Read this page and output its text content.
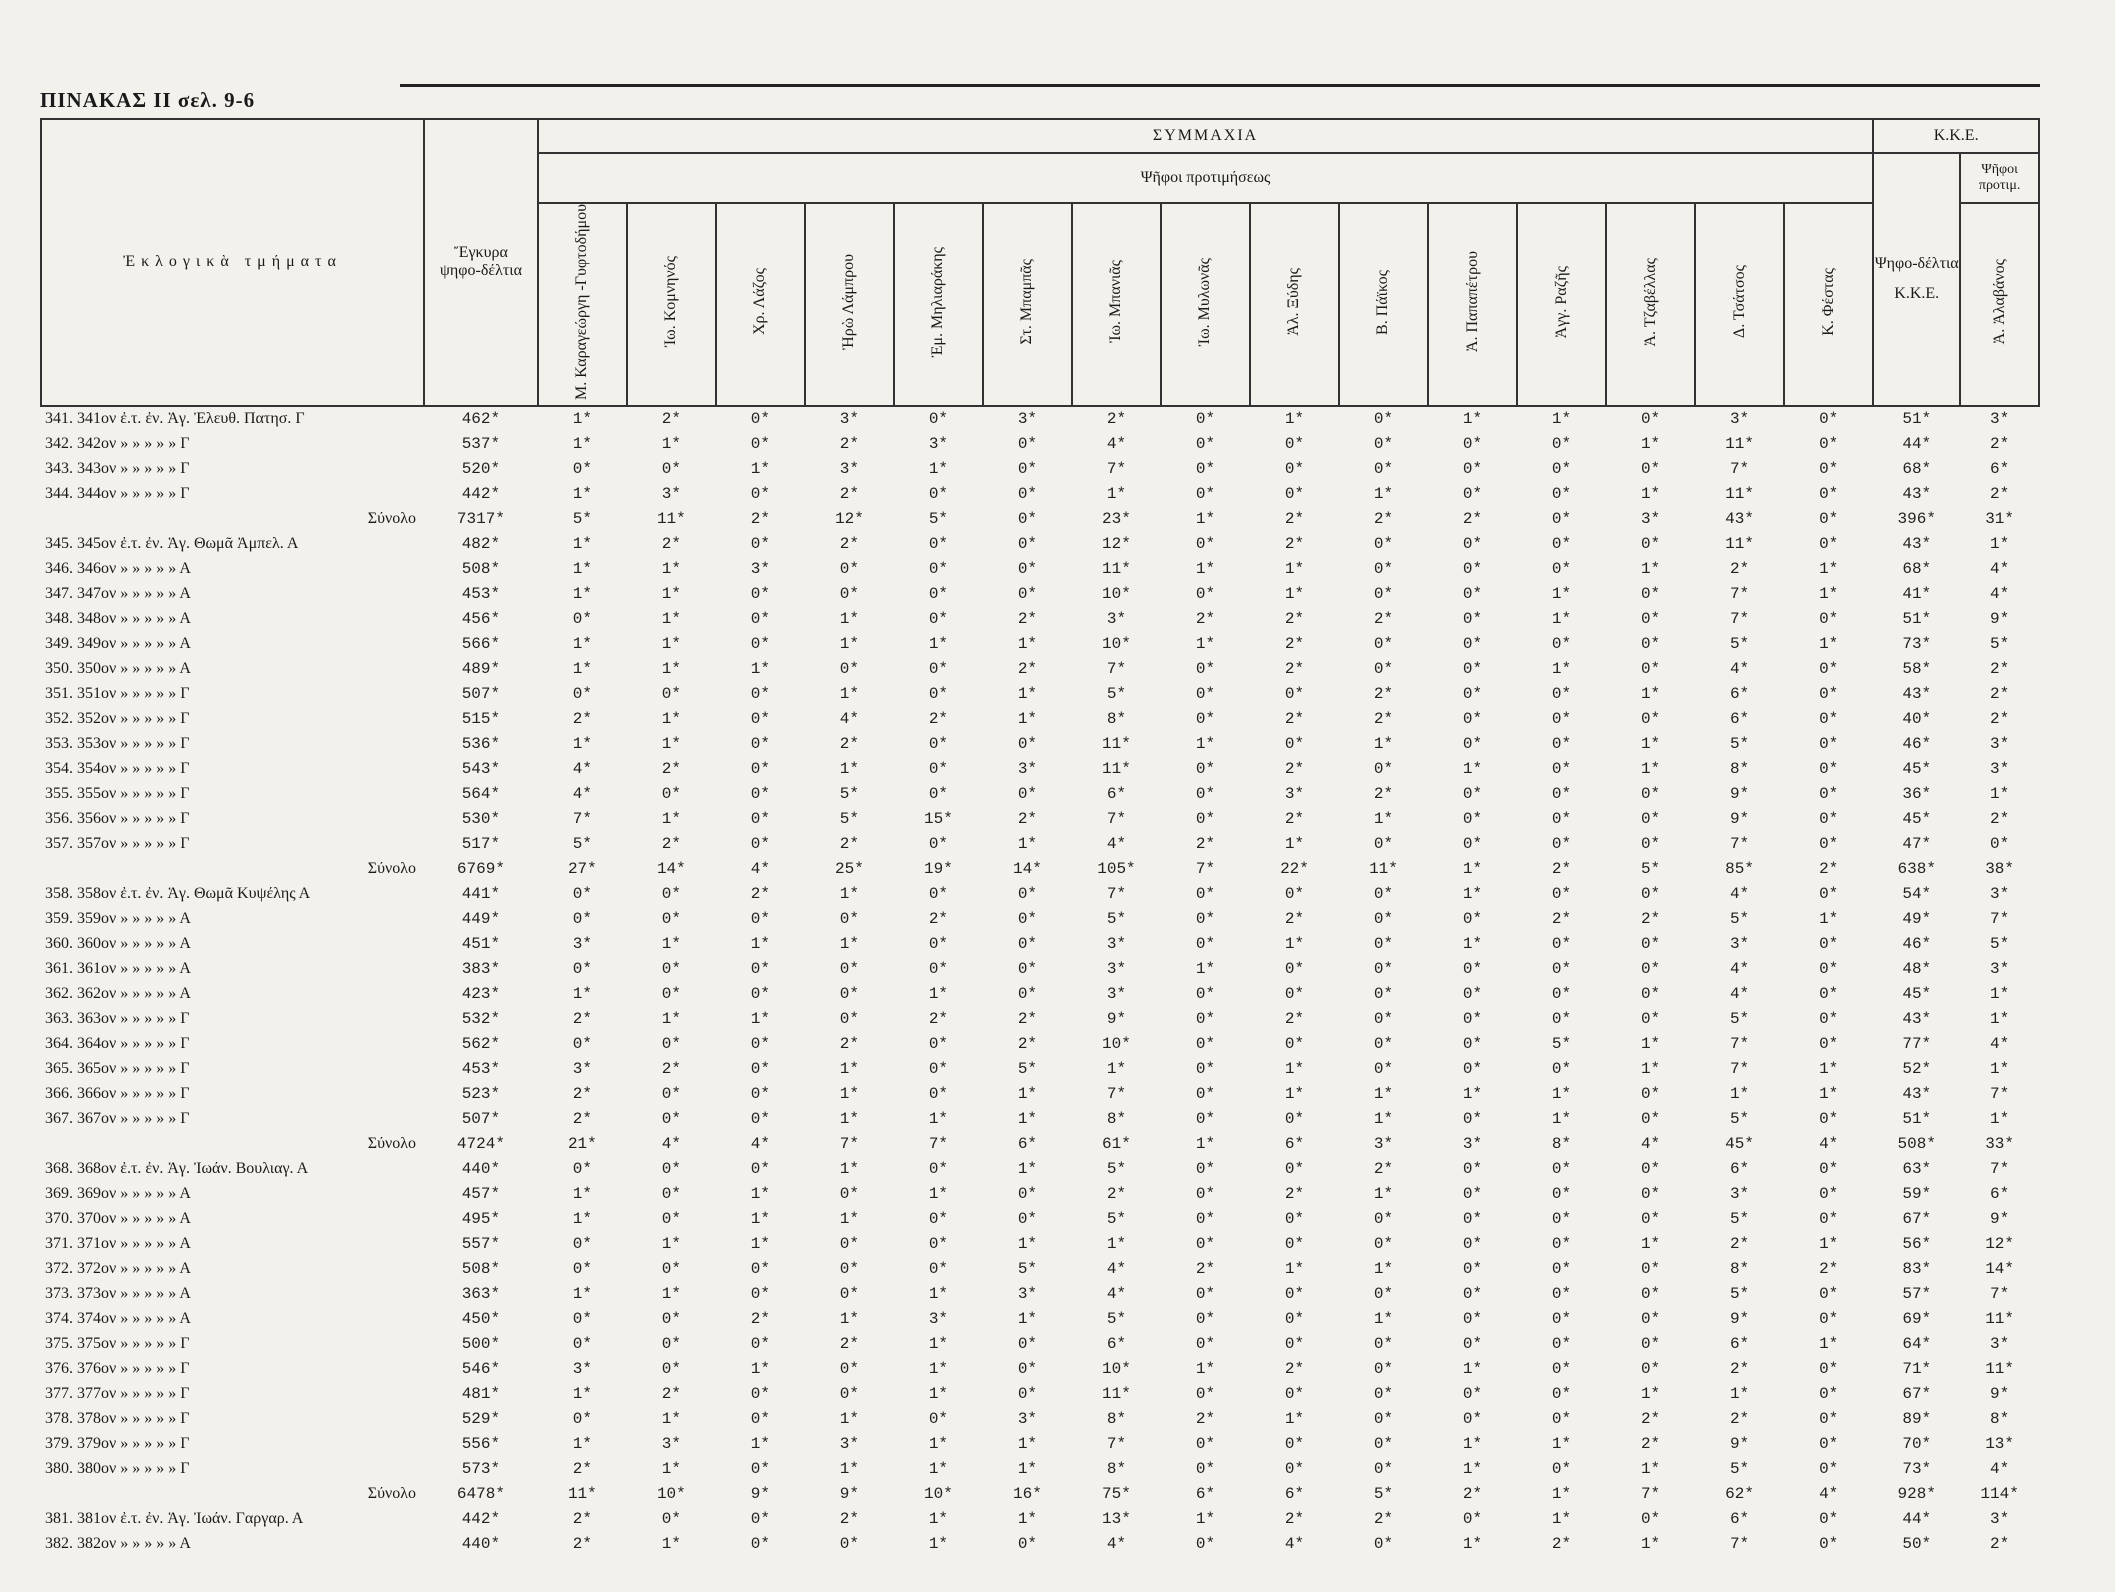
ΠΙΝΑΚΑΣ ΙΙ σελ. 9-6
Ἐκλογικὰ τμήματα	Ἔγκυρα ψηφο-δέλτια	ΣΥΜΜΑΧΙΑ															Κ.Κ.Ε.	
		Ψῆφοι προτιμήσεως															Ψηφο-δέλτια Κ.Κ.Ε.	Ψῆφοι προτιμ.
		Μ. Καραγεώργη -Γυφτοδήμου	Ἰω. Κομνηνός	Χρ. Λάζος	Ἠρὼ Λάμπρου	Ἐμ. Μηλιαράκης	Στ. Μπαμπᾶς	Ἰω. Μπανιᾶς	Ἰω. Μυλωνᾶς	Ἀλ. Ξύδης	Β. Πάϊκος	Ἀ. Παπαπέτρου	Ἀγγ. Ραζῆς	Ἀ. Τζαβέλλας	Δ. Τσάτσος	Κ. Φέστας		Ἀ. Ἀλαβάνος
341. 341ον ἐ.τ. ἐν. Ἁγ. Ἐλευθ. Πατησ. Γ	462*	1*	2*	0*	3*	0*	3*	2*	0*	1*	0*	1*	1*	0*	3*	0*	51*	3*
342. 342ον » » » » » Γ	537*	1*	1*	0*	2*	3*	0*	4*	0*	0*	0*	0*	0*	1*	11*	0*	44*	2*
343. 343ον » » » » » Γ	520*	0*	0*	1*	3*	1*	0*	7*	0*	0*	0*	0*	0*	0*	7*	0*	68*	6*
344. 344ον » » » » » Γ	442*	1*	3*	0*	2*	0*	0*	1*	0*	0*	1*	0*	0*	1*	11*	0*	43*	2*
Σύνολο	7317*	5*	11*	2*	12*	5*	0*	23*	1*	2*	2*	2*	0*	3*	43*	0*	396*	31*
345. 345ον ἐ.τ. ἐν. Ἁγ. Θωμᾶ Ἀμπελ. Α	482*	1*	2*	0*	2*	0*	0*	12*	0*	2*	0*	0*	0*	0*	11*	0*	43*	1*
346. 346ον » » » » » Α	508*	1*	1*	3*	0*	0*	0*	11*	1*	1*	0*	0*	0*	1*	2*	1*	68*	4*
347. 347ον » » » » » Α	453*	1*	1*	0*	0*	0*	0*	10*	0*	1*	0*	0*	1*	0*	7*	1*	41*	4*
348. 348ον » » » » » Α	456*	0*	1*	0*	1*	0*	2*	3*	2*	2*	2*	0*	1*	0*	7*	0*	51*	9*
349. 349ον » » » » » Α	566*	1*	1*	0*	1*	1*	1*	10*	1*	2*	0*	0*	0*	0*	5*	1*	73*	5*
350. 350ον » » » » » Α	489*	1*	1*	1*	0*	0*	2*	7*	0*	2*	0*	0*	1*	0*	4*	0*	58*	2*
351. 351ον » » » » » Γ	507*	0*	0*	0*	1*	0*	1*	5*	0*	0*	2*	0*	0*	1*	6*	0*	43*	2*
352. 352ον » » » » » Γ	515*	2*	1*	0*	4*	2*	1*	8*	0*	2*	2*	0*	0*	0*	6*	0*	40*	2*
353. 353ον » » » » » Γ	536*	1*	1*	0*	2*	0*	0*	11*	1*	0*	1*	0*	0*	1*	5*	0*	46*	3*
354. 354ον » » » » » Γ	543*	4*	2*	0*	1*	0*	3*	11*	0*	2*	0*	1*	0*	1*	8*	0*	45*	3*
355. 355ον » » » » » Γ	564*	4*	0*	0*	5*	0*	0*	6*	0*	3*	2*	0*	0*	0*	9*	0*	36*	1*
356. 356ον » » » » » Γ	530*	7*	1*	0*	5*	15*	2*	7*	0*	2*	1*	0*	0*	0*	9*	0*	45*	2*
357. 357ον » » » » » Γ	517*	5*	2*	0*	2*	0*	1*	4*	2*	1*	0*	0*	0*	0*	7*	0*	47*	0*
Σύνολο	6769*	27*	14*	4*	25*	19*	14*	105*	7*	22*	11*	1*	2*	5*	85*	2*	638*	38*
358. 358ον ἐ.τ. ἐν. Ἁγ. Θωμᾶ Κυψέλης Α	441*	0*	0*	2*	1*	0*	0*	7*	0*	0*	0*	1*	0*	0*	4*	0*	54*	3*
359. 359ον » » » » » Α	449*	0*	0*	0*	0*	2*	0*	5*	0*	2*	0*	0*	2*	2*	5*	1*	49*	7*
360. 360ον » » » » » Α	451*	3*	1*	1*	1*	0*	0*	3*	0*	1*	0*	1*	0*	0*	3*	0*	46*	5*
361. 361ον » » » » » Α	383*	0*	0*	0*	0*	0*	0*	3*	1*	0*	0*	0*	0*	0*	4*	0*	48*	3*
362. 362ον » » » » » Α	423*	1*	0*	0*	0*	1*	0*	3*	0*	0*	0*	0*	0*	0*	4*	0*	45*	1*
363. 363ον » » » » » Γ	532*	2*	1*	1*	0*	2*	2*	9*	0*	2*	0*	0*	0*	0*	5*	0*	43*	1*
364. 364ον » » » » » Γ	562*	0*	0*	0*	2*	0*	2*	10*	0*	0*	0*	0*	5*	1*	7*	0*	77*	4*
365. 365ον » » » » » Γ	453*	3*	2*	0*	1*	0*	5*	1*	0*	1*	0*	0*	0*	1*	7*	1*	52*	1*
366. 366ον » » » » » Γ	523*	2*	0*	0*	1*	0*	1*	7*	0*	1*	1*	1*	1*	0*	1*	1*	43*	7*
367. 367ον » » » » » Γ	507*	2*	0*	0*	1*	1*	1*	8*	0*	0*	1*	0*	1*	0*	5*	0*	51*	1*
Σύνολο	4724*	21*	4*	4*	7*	7*	6*	61*	1*	6*	3*	3*	8*	4*	45*	4*	508*	33*
368. 368ον ἐ.τ. ἐν. Ἁγ. Ἰωάν. Βουλιαγ. Α	440*	0*	0*	0*	1*	0*	1*	5*	0*	0*	2*	0*	0*	0*	6*	0*	63*	7*
369. 369ον » » » » » Α	457*	1*	0*	1*	0*	1*	0*	2*	0*	2*	1*	0*	0*	0*	3*	0*	59*	6*
370. 370ον » » » » » Α	495*	1*	0*	1*	1*	0*	0*	5*	0*	0*	0*	0*	0*	0*	5*	0*	67*	9*
371. 371ον » » » » » Α	557*	0*	1*	1*	0*	0*	1*	1*	0*	0*	0*	0*	0*	1*	2*	1*	56*	12*
372. 372ον » » » » » Α	508*	0*	0*	0*	0*	0*	5*	4*	2*	1*	1*	0*	0*	0*	8*	2*	83*	14*
373. 373ον » » » » » Α	363*	1*	1*	0*	0*	1*	3*	4*	0*	0*	0*	0*	0*	0*	5*	0*	57*	7*
374. 374ον » » » » » Α	450*	0*	0*	2*	1*	3*	1*	5*	0*	0*	1*	0*	0*	0*	9*	0*	69*	11*
375. 375ον » » » » » Γ	500*	0*	0*	0*	2*	1*	0*	6*	0*	0*	0*	0*	0*	0*	6*	1*	64*	3*
376. 376ον » » » » » Γ	546*	3*	0*	1*	0*	1*	0*	10*	1*	2*	0*	1*	0*	0*	2*	0*	71*	11*
377. 377ον » » » » » Γ	481*	1*	2*	0*	0*	1*	0*	11*	0*	0*	0*	0*	0*	1*	1*	0*	67*	9*
378. 378ον » » » » » Γ	529*	0*	1*	0*	1*	0*	3*	8*	2*	1*	0*	0*	0*	2*	2*	0*	89*	8*
379. 379ον » » » » » Γ	556*	1*	3*	1*	3*	1*	1*	7*	0*	0*	0*	1*	1*	2*	9*	0*	70*	13*
380. 380ον » » » » » Γ	573*	2*	1*	0*	1*	1*	1*	8*	0*	0*	0*	1*	0*	1*	5*	0*	73*	4*
Σύνολο	6478*	11*	10*	9*	9*	10*	16*	75*	6*	6*	5*	2*	1*	7*	62*	4*	928*	114*
381. 381ον ἐ.τ. ἐν. Ἁγ. Ἰωάν. Γαργαρ. Α	442*	2*	0*	0*	2*	1*	1*	13*	1*	2*	2*	0*	1*	0*	6*	0*	44*	3*
382. 382ον » » » » » Α	440*	2*	1*	0*	0*	1*	0*	4*	0*	4*	0*	1*	2*	1*	7*	0*	50*	2*
